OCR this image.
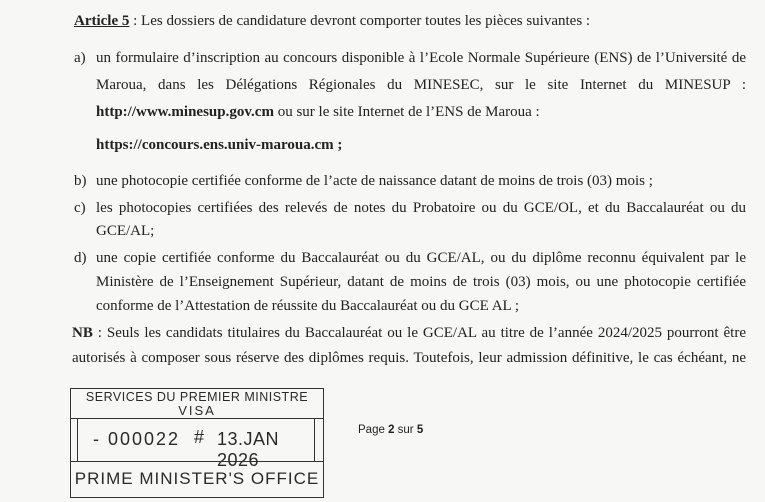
Article 5 : Les dossiers de candidature devront comporter toutes les pièces suivantes :
a) un formulaire d’inscription au concours disponible à l’Ecole Normale Supérieure (ENS) de l’Université de
Maroua, dans les Délégations Régionales du MINESEC, sur le site Internet du MINESUP :
http://www.minesup.gov.cm ou sur le site Internet de l’ENS de Maroua :
https://concours.ens.univ-maroua.cm ;
b) une photocopie certifiée conforme de l’acte de naissance datant de moins de trois (03) mois ;
c) les photocopies certifiées des relevés de notes du Probatoire ou du GCE/OL, et du Baccalauréat ou du
GCE/AL;
d) une copie certifiée conforme du Baccalauréat ou du GCE/AL, ou du diplôme reconnu équivalent par le
Ministère de l’Enseignement Supérieur, datant de moins de trois (03) mois, ou une photocopie certifiée
conforme de l’Attestation de réussite du Baccalauréat ou du GCE AL ;
NB : Seuls les candidats titulaires du Baccalauréat ou le GCE/AL au titre de l’année 2024/2025 pourront être
autorisés à composer sous réserve des diplômes requis. Toutefois, leur admission définitive, le cas échéant, ne
SERVICES DU PREMIER MINISTRE
VISA
- 000022 # 13.JAN 2026
PRIME MINISTER'S OFFICE
Page 2 sur 5
